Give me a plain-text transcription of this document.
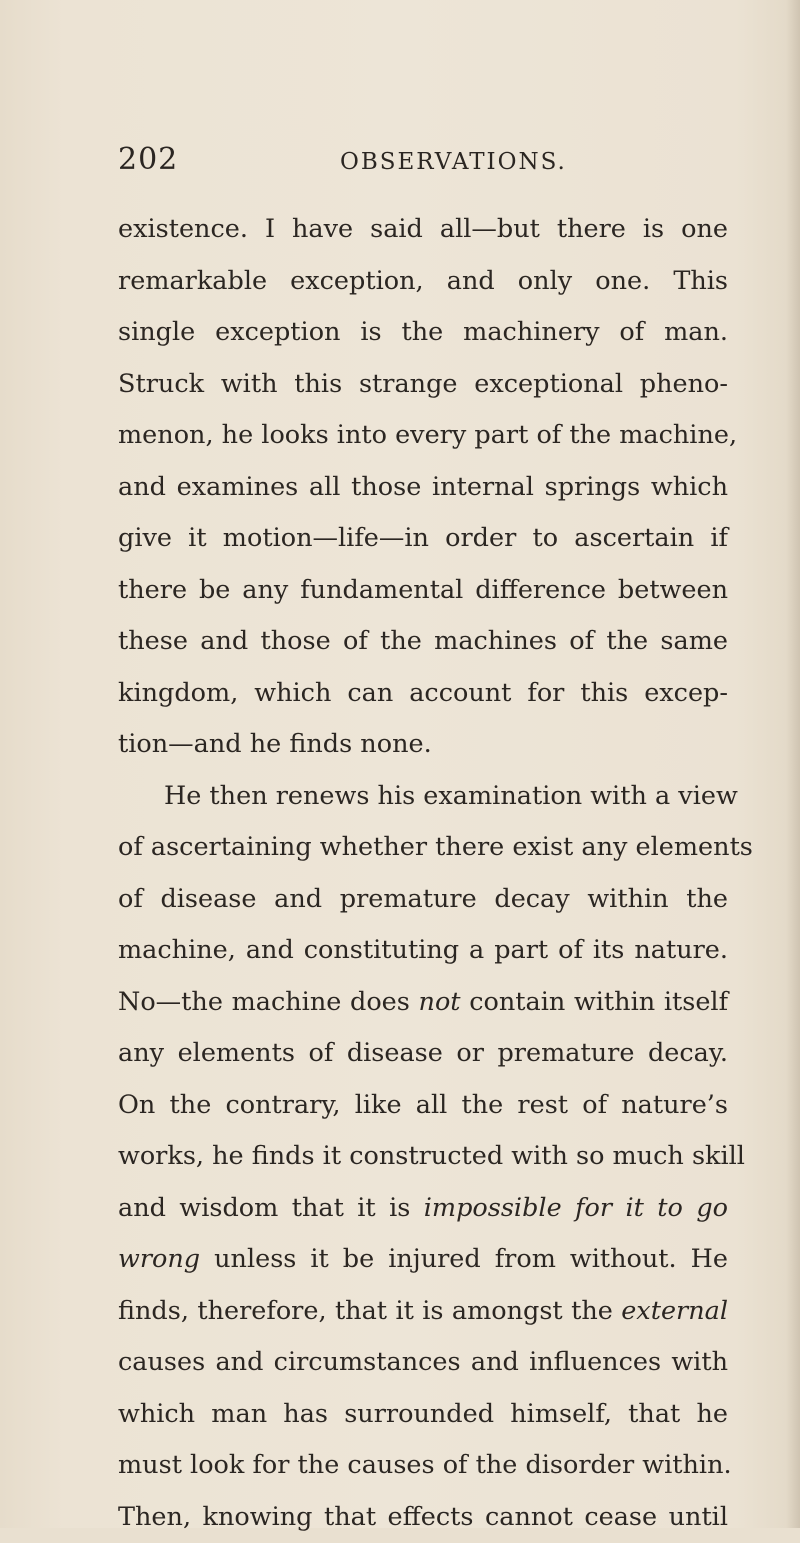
202	OBSERVATIONS.
existence. I have said all—but there is one
remarkable exception, and only one. This
single exception is the machinery of man.
Struck with this strange exceptional pheno-
menon, he looks into every part of the machine,
and examines all those internal springs which
give it motion—life—in order to ascertain if
there be any fundamental difference between
these and those of the machines of the same
kingdom, which can account for this excep-
tion—and he finds none.
He then renews his examination with a view
of ascertaining whether there exist any elements
of disease and premature decay within the
machine, and constituting a part of its nature.
No—the machine does not contain within itself
any elements of disease or premature decay.
On the contrary, like all the rest of nature’s
works, he finds it constructed with so much skill
and wisdom that it is impossible for it to go
wrong unless it be injured from without. He
finds, therefore, that it is amongst the external
causes and circumstances and influences with
which man has surrounded himself, that he
must look for the causes of the disorder within.
Then, knowing that effects cannot cease until
